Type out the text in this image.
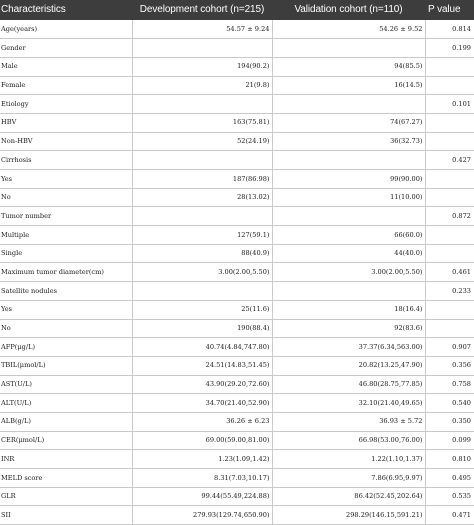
Characteristics	Development cohort (n=215)	Validation cohort (n=110)	P value
Age(years)	54.57 ± 9.24	54.26 ± 9.52	0.814
Gender			0.199
Male	194(90.2)	94(85.5)	
Female	21(9.8)	16(14.5)	
Etiology			0.101
HBV	163(75.81)	74(67.27)	
Non-HBV	52(24.19)	36(32.73)	
Cirrhosis			0.427
Yes	187(86.98)	99(90.00)	
No	28(13.02)	11(10.00)	
Tumor number			0.872
Multiple	127(59.1)	66(60.0)	
Single	88(40.9)	44(40.0)	
Maximum tumor diameter(cm)	3.00(2.00,5.50)	3.00(2.00,5.50)	0.461
Satellite nodules			0.233
Yes	25(11.6)	18(16.4)	
No	190(88.4)	92(83.6)	
AFP(μg/L)	40.74(4.84,747.80)	37.37(6.34,563.00)	0.907
TBIL(μmol/L)	24.51(14.83,51.45)	20.82(13.25,47.90)	0.356
AST(U/L)	43.90(29.20,72.60)	46.80(28.75,77.85)	0.758
ALT(U/L)	34.70(21.40,52.90)	32.10(21.40,49.65)	0.540
ALB(g/L)	36.26 ± 6.23	36.93 ± 5.72	0.350
CER(μmol/L)	69.00(59.00,81.00)	66.98(53.00,76.00)	0.099
INR	1.23(1.09,1.42)	1.22(1.10,1.37)	0.810
MELD score	8.31(7.03,10.17)	7.86(6.95,9.97)	0.495
GLR	99.44(55.49,224.88)	86.42(52.45,202.64)	0.535
SII	279.93(129.74,650.90)	298.29(146.15,591.21)	0.471
